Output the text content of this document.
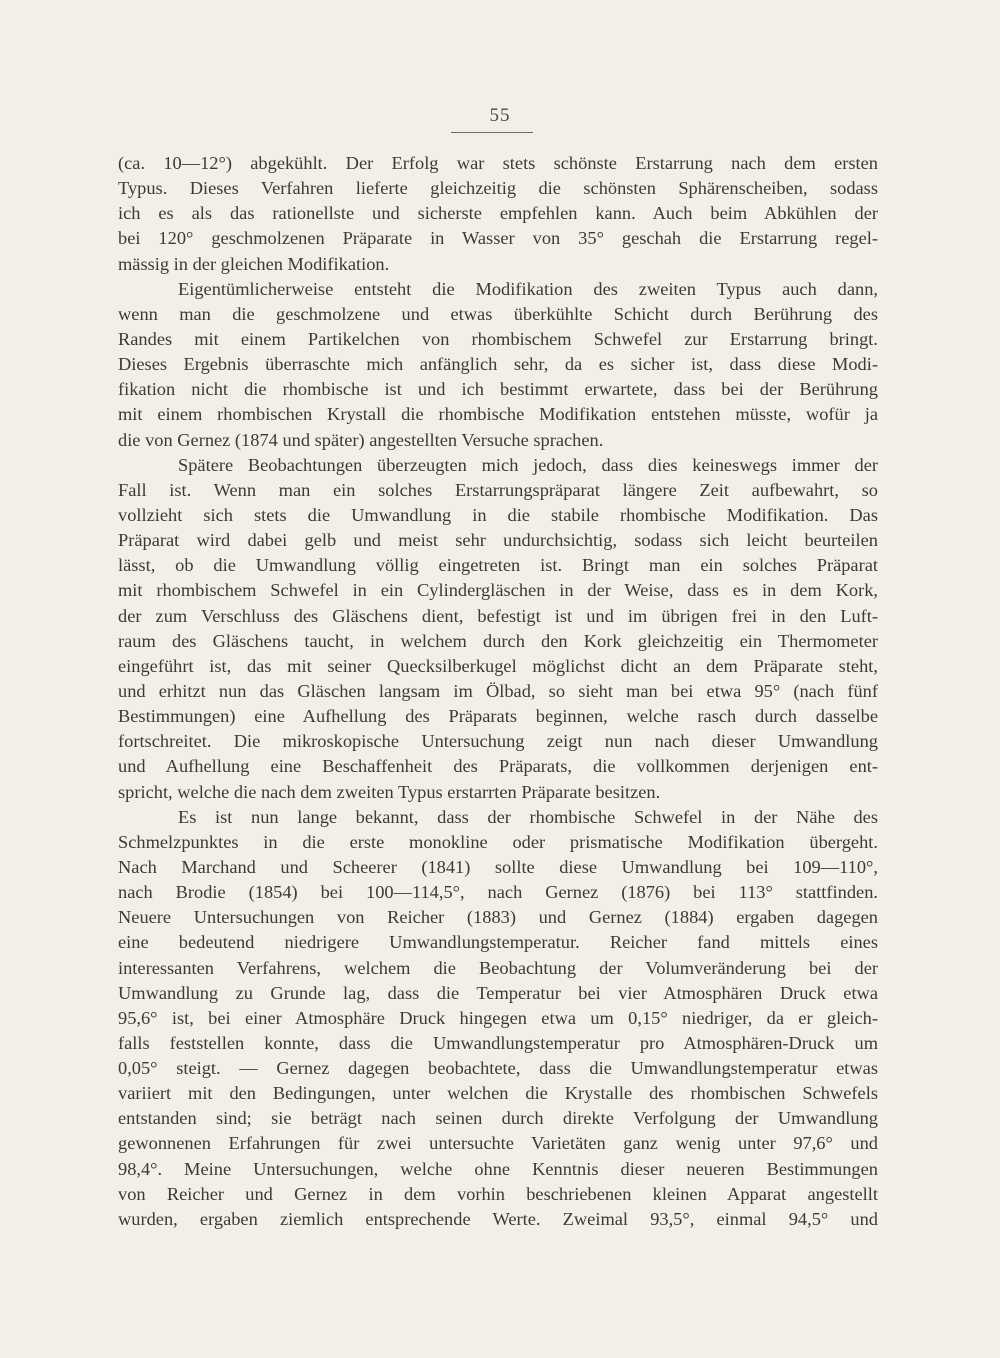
55
(ca. 10—12°) abgekühlt. Der Erfolg war stets schönste Erstarrung nach dem ersten
Typus. Dieses Verfahren lieferte gleichzeitig die schönsten Sphärenscheiben, sodass
ich es als das rationellste und sicherste empfehlen kann. Auch beim Abkühlen der
bei 120° geschmolzenen Präparate in Wasser von 35° geschah die Erstarrung regel-
mässig in der gleichen Modifikation.
Eigentümlicherweise entsteht die Modifikation des zweiten Typus auch dann,
wenn man die geschmolzene und etwas überkühlte Schicht durch Berührung des
Randes mit einem Partikelchen von rhombischem Schwefel zur Erstarrung bringt.
Dieses Ergebnis überraschte mich anfänglich sehr, da es sicher ist, dass diese Modi-
fikation nicht die rhombische ist und ich bestimmt erwartete, dass bei der Berührung
mit einem rhombischen Krystall die rhombische Modifikation entstehen müsste, wofür ja
die von Gernez (1874 und später) angestellten Versuche sprachen.
Spätere Beobachtungen überzeugten mich jedoch, dass dies keineswegs immer der
Fall ist. Wenn man ein solches Erstarrungspräparat längere Zeit aufbewahrt, so
vollzieht sich stets die Umwandlung in die stabile rhombische Modifikation. Das
Präparat wird dabei gelb und meist sehr undurchsichtig, sodass sich leicht beurteilen
lässt, ob die Umwandlung völlig eingetreten ist. Bringt man ein solches Präparat
mit rhombischem Schwefel in ein Cylindergläschen in der Weise, dass es in dem Kork,
der zum Verschluss des Gläschens dient, befestigt ist und im übrigen frei in den Luft-
raum des Gläschens taucht, in welchem durch den Kork gleichzeitig ein Thermometer
eingeführt ist, das mit seiner Quecksilberkugel möglichst dicht an dem Präparate steht,
und erhitzt nun das Gläschen langsam im Ölbad, so sieht man bei etwa 95° (nach fünf
Bestimmungen) eine Aufhellung des Präparats beginnen, welche rasch durch dasselbe
fortschreitet. Die mikroskopische Untersuchung zeigt nun nach dieser Umwandlung
und Aufhellung eine Beschaffenheit des Präparats, die vollkommen derjenigen ent-
spricht, welche die nach dem zweiten Typus erstarrten Präparate besitzen.
Es ist nun lange bekannt, dass der rhombische Schwefel in der Nähe des
Schmelzpunktes in die erste monokline oder prismatische Modifikation übergeht.
Nach Marchand und Scheerer (1841) sollte diese Umwandlung bei 109—110°,
nach Brodie (1854) bei 100—114,5°, nach Gernez (1876) bei 113° stattfinden.
Neuere Untersuchungen von Reicher (1883) und Gernez (1884) ergaben dagegen
eine bedeutend niedrigere Umwandlungstemperatur. Reicher fand mittels eines
interessanten Verfahrens, welchem die Beobachtung der Volumveränderung bei der
Umwandlung zu Grunde lag, dass die Temperatur bei vier Atmosphären Druck etwa
95,6° ist, bei einer Atmosphäre Druck hingegen etwa um 0,15° niedriger, da er gleich-
falls feststellen konnte, dass die Umwandlungstemperatur pro Atmosphären-Druck um
0,05° steigt. — Gernez dagegen beobachtete, dass die Umwandlungstemperatur etwas
variiert mit den Bedingungen, unter welchen die Krystalle des rhombischen Schwefels
entstanden sind; sie beträgt nach seinen durch direkte Verfolgung der Umwandlung
gewonnenen Erfahrungen für zwei untersuchte Varietäten ganz wenig unter 97,6° und
98,4°. Meine Untersuchungen, welche ohne Kenntnis dieser neueren Bestimmungen
von Reicher und Gernez in dem vorhin beschriebenen kleinen Apparat angestellt
wurden, ergaben ziemlich entsprechende Werte. Zweimal 93,5°, einmal 94,5° und
